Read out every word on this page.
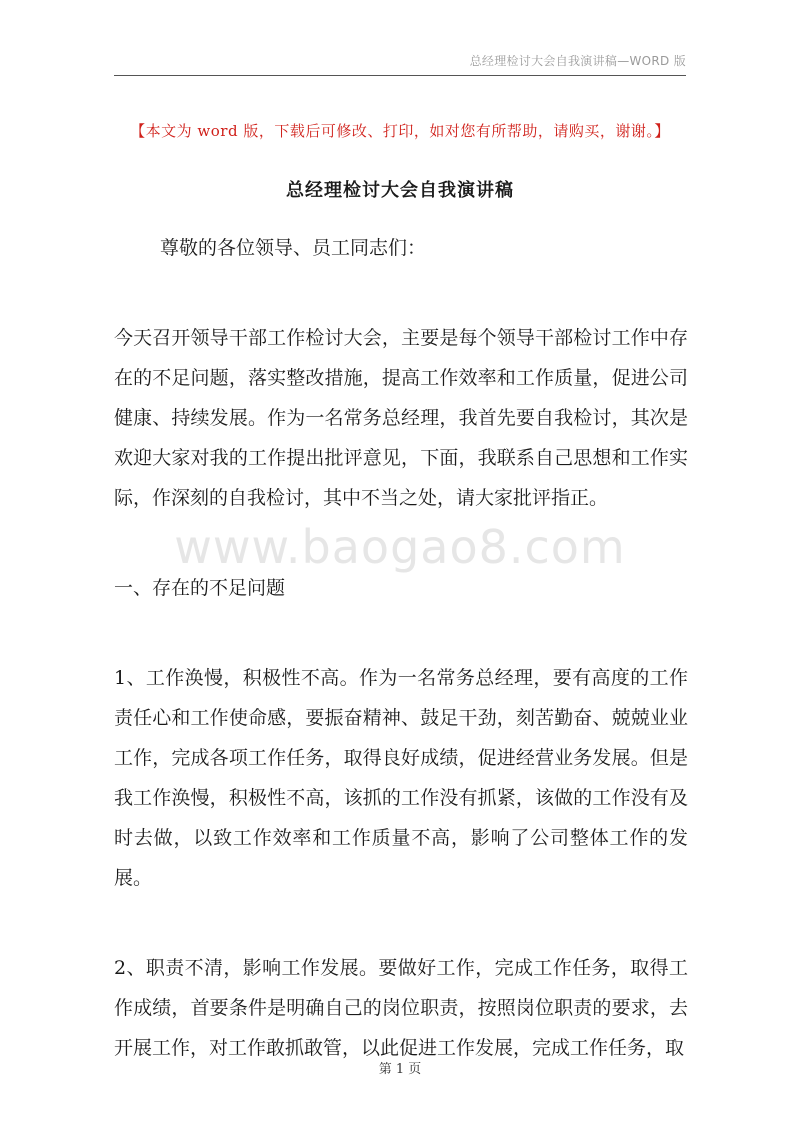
总经理检讨大会自我演讲稿—WORD 版
【本文为 word 版，下载后可修改、打印，如对您有所帮助，请购买，谢谢。】
总经理检讨大会自我演讲稿
www.baogao8.com

尊敬的各位领导、员工同志们：

今天召开领导干部工作检讨大会，主要是每个领导干部检讨工作中存在的不足问题，落实整改措施，提高工作效率和工作质量，促进公司健康、持续发展。作为一名常务总经理，我首先要自我检讨，其次是欢迎大家对我的工作提出批评意见，下面，我联系自己思想和工作实际，作深刻的自我检讨，其中不当之处，请大家批评指正。

一、存在的不足问题

1、工作涣慢，积极性不高。作为一名常务总经理，要有高度的工作责任心和工作使命感，要振奋精神、鼓足干劲，刻苦勤奋、兢兢业业工作，完成各项工作任务，取得良好成绩，促进经营业务发展。但是我工作涣慢，积极性不高，该抓的工作没有抓紧，该做的工作没有及时去做，以致工作效率和工作质量不高，影响了公司整体工作的发展。

2、职责不清，影响工作发展。要做好工作，完成工作任务，取得工作成绩，首要条件是明确自己的岗位职责，按照岗位职责的要求，去开展工作，对工作敢抓敢管，以此促进工作发展，完成工作任务，取

第 1 页
